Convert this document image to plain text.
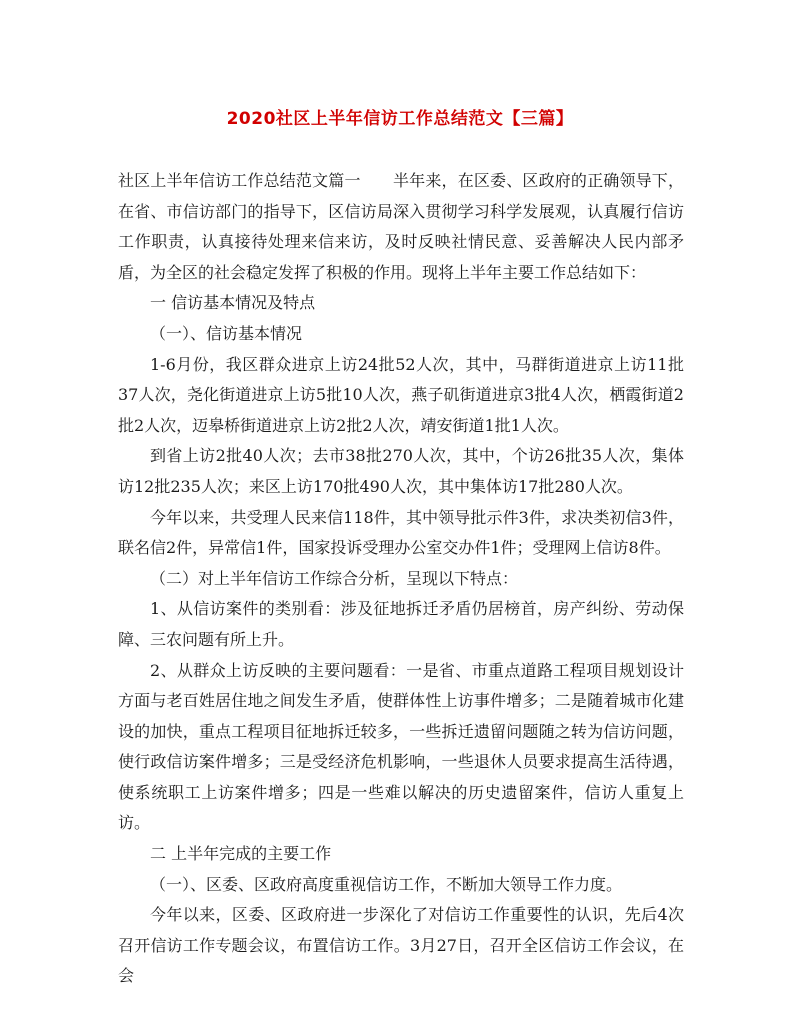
2020社区上半年信访工作总结范文【三篇】

社区上半年信访工作总结范文篇一　　半年来，在区委、区政府的正确领导下，在省、市信访部门的指导下，区信访局深入贯彻学习科学发展观，认真履行信访工作职责，认真接待处理来信来访，及时反映社情民意、妥善解决人民内部矛盾，为全区的社会稳定发挥了积极的作用。现将上半年主要工作总结如下：

一 信访基本情况及特点

（一）、信访基本情况

1-6月份，我区群众进京上访24批52人次，其中，马群街道进京上访11批37人次，尧化街道进京上访5批10人次，燕子矶街道进京3批4人次，栖霞街道2批2人次，迈皋桥街道进京上访2批2人次，靖安街道1批1人次。

到省上访2批40人次；去市38批270人次，其中，个访26批35人次，集体访12批235人次；来区上访170批490人次，其中集体访17批280人次。

今年以来，共受理人民来信118件，其中领导批示件3件，求决类初信3件，联名信2件，异常信1件，国家投诉受理办公室交办件1件；受理网上信访8件。

（二）对上半年信访工作综合分析，呈现以下特点：

1、从信访案件的类别看：涉及征地拆迁矛盾仍居榜首，房产纠纷、劳动保障、三农问题有所上升。

2、从群众上访反映的主要问题看：一是省、市重点道路工程项目规划设计方面与老百姓居住地之间发生矛盾，使群体性上访事件增多；二是随着城市化建设的加快，重点工程项目征地拆迁较多，一些拆迁遗留问题随之转为信访问题，使行政信访案件增多；三是受经济危机影响，一些退休人员要求提高生活待遇，使系统职工上访案件增多；四是一些难以解决的历史遗留案件，信访人重复上访。

二 上半年完成的主要工作

（一）、区委、区政府高度重视信访工作，不断加大领导工作力度。

今年以来，区委、区政府进一步深化了对信访工作重要性的认识，先后4次召开信访工作专题会议，布置信访工作。3月27日，召开全区信访工作会议，在会
